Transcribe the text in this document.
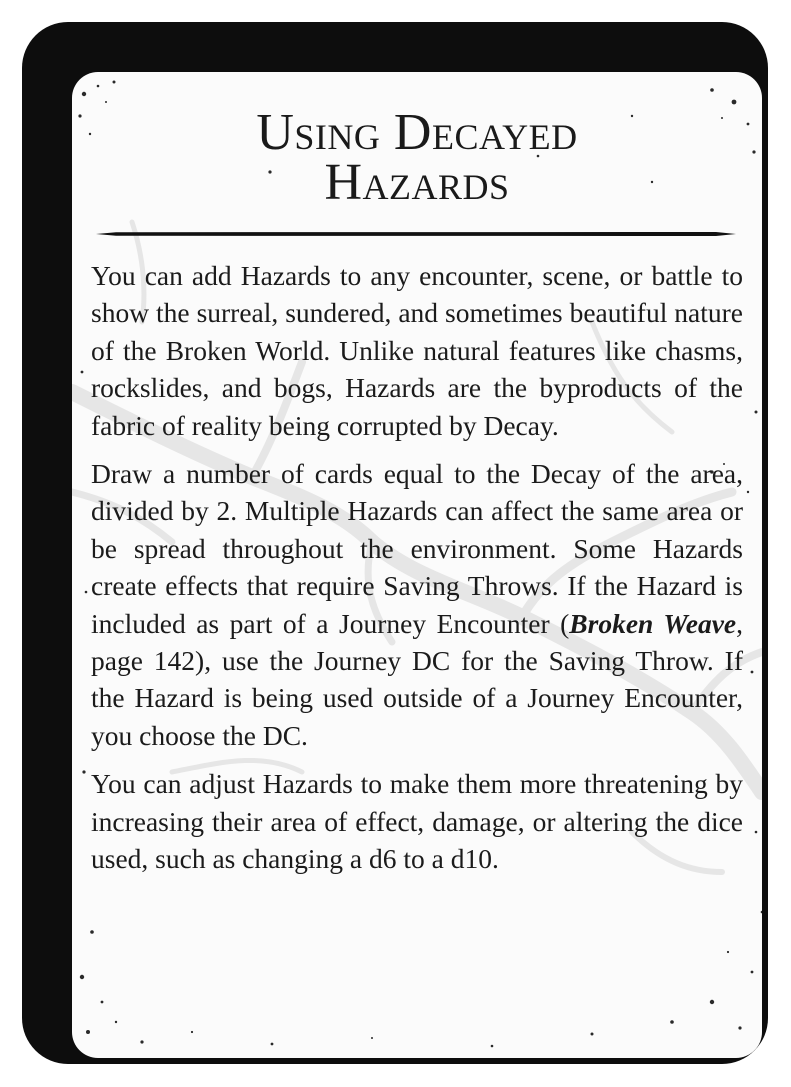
Using Decayed
Hazards

You can add Hazards to any encounter, scene, or battle to show the surreal, sundered, and sometimes beautiful nature of the Broken World. Unlike natural features like chasms, rockslides, and bogs, Hazards are the byproducts of the fabric of reality being corrupted by Decay.

Draw a number of cards equal to the Decay of the area, divided by 2. Multiple Hazards can affect the same area or be spread throughout the environment. Some Hazards create effects that require Saving Throws. If the Hazard is included as part of a Journey Encounter (Broken Weave, page 142), use the Journey DC for the Saving Throw. If the Hazard is being used outside of a Journey Encounter, you choose the DC.

You can adjust Hazards to make them more threatening by increasing their area of effect, damage, or altering the dice used, such as changing a d6 to a d10.
